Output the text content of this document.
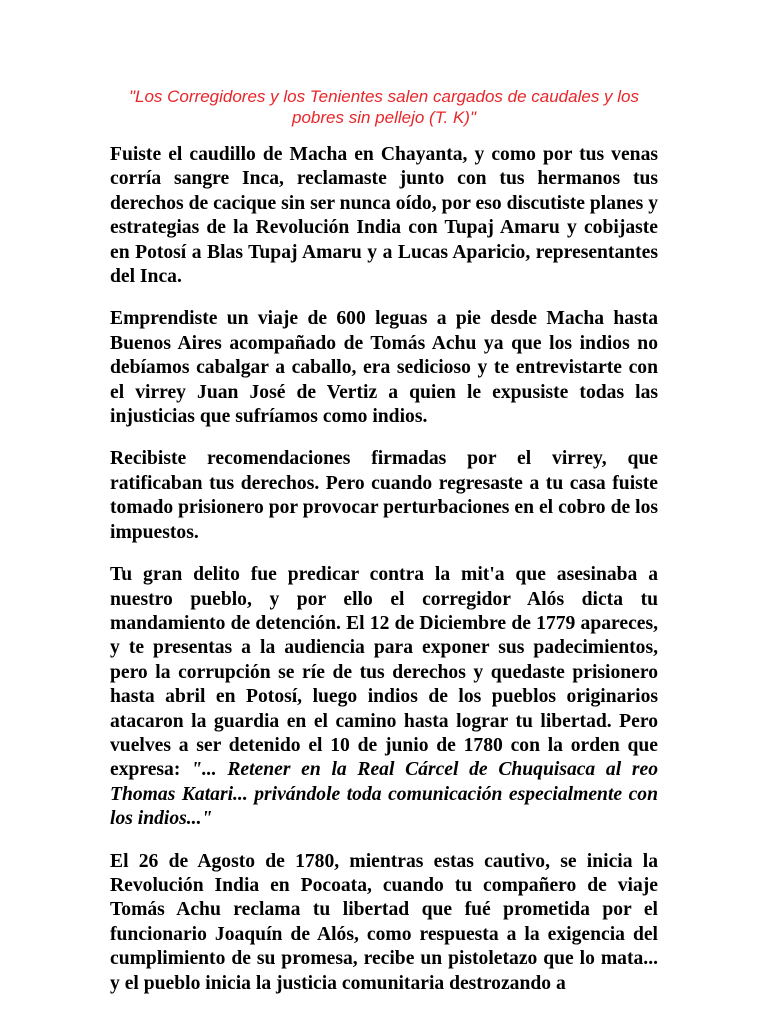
"Los Corregidores y los Tenientes salen cargados de caudales y los pobres sin pellejo (T. K)"

Fuiste el caudillo de Macha en Chayanta, y como por tus venas corría sangre Inca, reclamaste junto con tus hermanos tus derechos de cacique sin ser nunca oído, por eso discutiste planes y estrategias de la Revolución India con Tupaj Amaru y cobijaste en Potosí a Blas Tupaj Amaru y a Lucas Aparicio, representantes del Inca.

Emprendiste un viaje de 600 leguas a pie desde Macha hasta Buenos Aires acompañado de Tomás Achu ya que los indios no debíamos cabalgar a caballo, era sedicioso y te entrevistarte con el virrey Juan José de Vertiz a quien le expusiste todas las injusticias que sufríamos como indios.

Recibiste recomendaciones firmadas por el virrey, que ratificaban tus derechos. Pero cuando regresaste a tu casa fuiste tomado prisionero por provocar perturbaciones en el cobro de los impuestos.

Tu gran delito fue predicar contra la mit'a que asesinaba a nuestro pueblo, y por ello el corregidor Alós dicta tu mandamiento de detención. El 12 de Diciembre de 1779 apareces, y te presentas a la audiencia para exponer sus padecimientos, pero la corrupción se ríe de tus derechos y quedaste prisionero hasta abril en Potosí, luego indios de los pueblos originarios atacaron la guardia en el camino hasta lograr tu libertad. Pero vuelves a ser detenido el 10 de junio de 1780 con la orden que expresa: "... Retener en la Real Cárcel de Chuquisaca al reo Thomas Katari... privándole toda comunicación especialmente con los indios..."

El 26 de Agosto de 1780, mientras estas cautivo, se inicia la Revolución India en Pocoata, cuando tu compañero de viaje Tomás Achu reclama tu libertad que fué prometida por el funcionario Joaquín de Alós, como respuesta a la exigencia del cumplimiento de su promesa, recibe un pistoletazo que lo mata... y el pueblo inicia la justicia comunitaria destrozando a
